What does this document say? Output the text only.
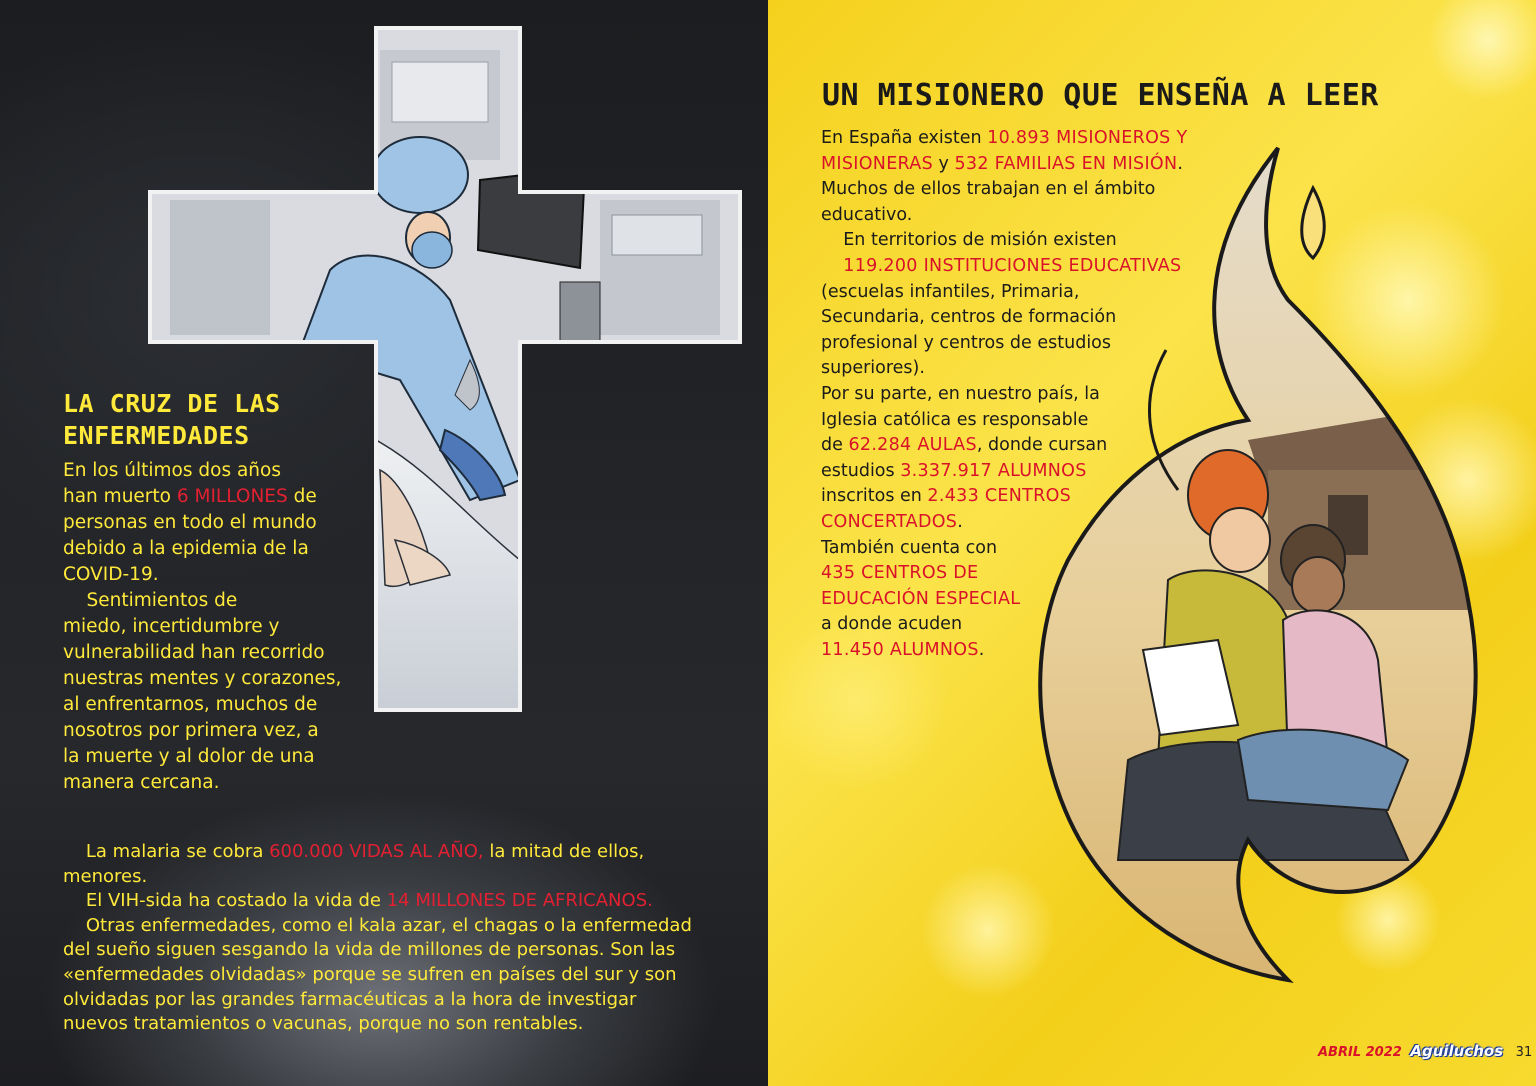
LA CRUZ DE LAS
ENFERMEDADES
En los últimos dos años
han muerto 6 MILLONES de
personas en todo el mundo
debido a la epidemia de la
COVID-19.
Sentimientos de
miedo, incertidumbre y
vulnerabilidad han recorrido
nuestras mentes y corazones,
al enfrentarnos, muchos de
nosotros por primera vez, a
la muerte y al dolor de una
manera cercana.
La malaria se cobra 600.000 VIDAS AL AÑO, la mitad de ellos,
menores.
El VIH-sida ha costado la vida de 14 MILLONES DE AFRICANOS.
Otras enfermedades, como el kala azar, el chagas o la enfermedad
del sueño siguen sesgando la vida de millones de personas. Son las
«enfermedades olvidadas» porque se sufren en países del sur y son
olvidadas por las grandes farmacéuticas a la hora de investigar
nuevos tratamientos o vacunas, porque no son rentables.
UN MISIONERO QUE ENSEÑA A LEER
En España existen 10.893 MISIONEROS Y
MISIONERAS y 532 FAMILIAS EN MISIÓN.
Muchos de ellos trabajan en el ámbito
educativo.
En territorios de misión existen
119.200 INSTITUCIONES EDUCATIVAS
(escuelas infantiles, Primaria,
Secundaria, centros de formación
profesional y centros de estudios
superiores).
Por su parte, en nuestro país, la
Iglesia católica es responsable
de 62.284 AULAS, donde cursan
estudios 3.337.917 ALUMNOS
inscritos en 2.433 CENTROS
CONCERTADOS.
También cuenta con
435 CENTROS DE
EDUCACIÓN ESPECIAL
a donde acuden
11.450 ALUMNOS.
ABRIL 2022 Aguiluchos 31
